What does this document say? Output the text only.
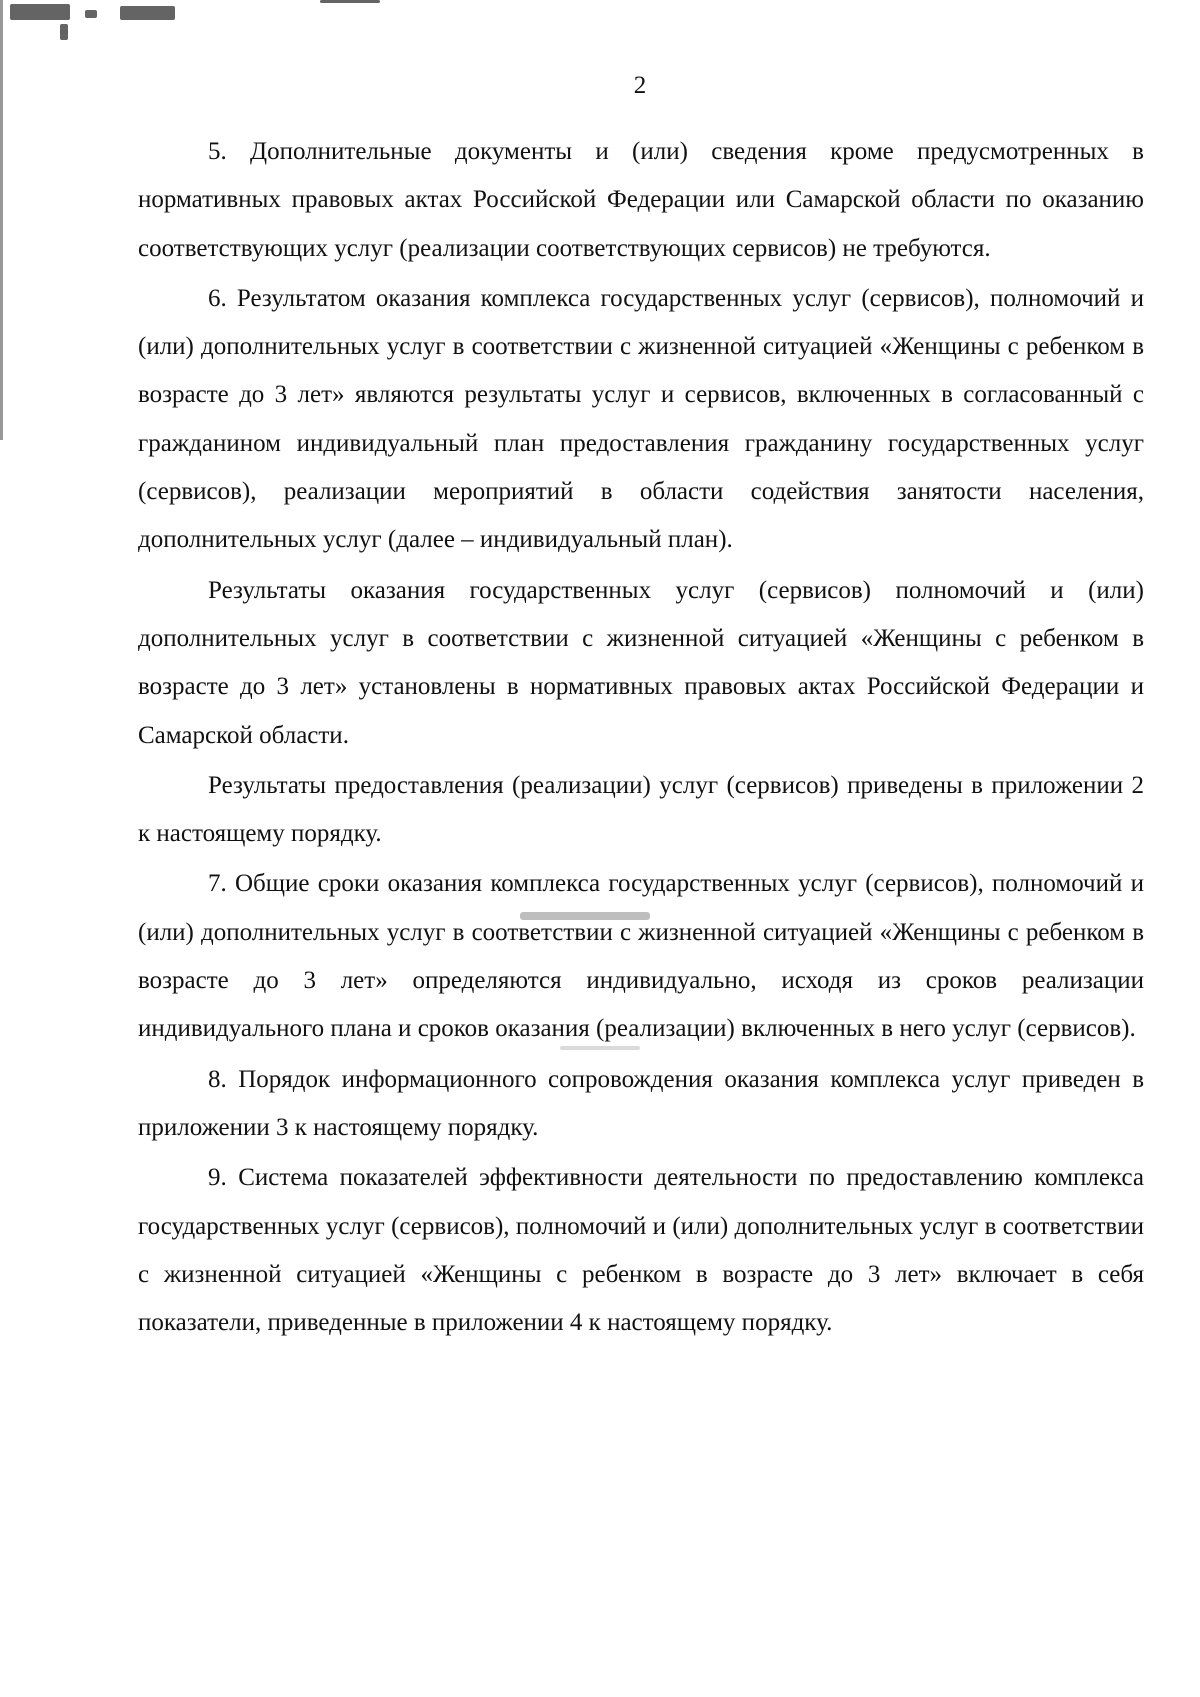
2

5. Дополнительные документы и (или) сведения кроме предусмотренных в нормативных правовых актах Российской Федерации или Самарской области по оказанию соответствующих услуг (реализации соответствующих сервисов) не требуются.

6. Результатом оказания комплекса государственных услуг (сервисов), полномочий и (или) дополнительных услуг в соответствии с жизненной ситуацией «Женщины с ребенком в возрасте до 3 лет» являются результаты услуг и сервисов, включенных в согласованный с гражданином индивидуальный план предоставления гражданину государственных услуг (сервисов), реализации мероприятий в области содействия занятости населения, дополнительных услуг (далее – индивидуальный план).

Результаты оказания государственных услуг (сервисов) полномочий и (или) дополнительных услуг в соответствии с жизненной ситуацией «Женщины с ребенком в возрасте до 3 лет» установлены в нормативных правовых актах Российской Федерации и Самарской области.

Результаты предоставления (реализации) услуг (сервисов) приведены в приложении 2 к настоящему порядку.

7. Общие сроки оказания комплекса государственных услуг (сервисов), полномочий и (или) дополнительных услуг в соответствии с жизненной ситуацией «Женщины с ребенком в возрасте до 3 лет» определяются индивидуально, исходя из сроков реализации индивидуального плана и сроков оказания (реализации) включенных в него услуг (сервисов).

8. Порядок информационного сопровождения оказания комплекса услуг приведен в приложении 3 к настоящему порядку.

9. Система показателей эффективности деятельности по предоставлению комплекса государственных услуг (сервисов), полномочий и (или) дополнительных услуг в соответствии с жизненной ситуацией «Женщины с ребенком в возрасте до 3 лет» включает в себя показатели, приведенные в приложении 4 к настоящему порядку.
